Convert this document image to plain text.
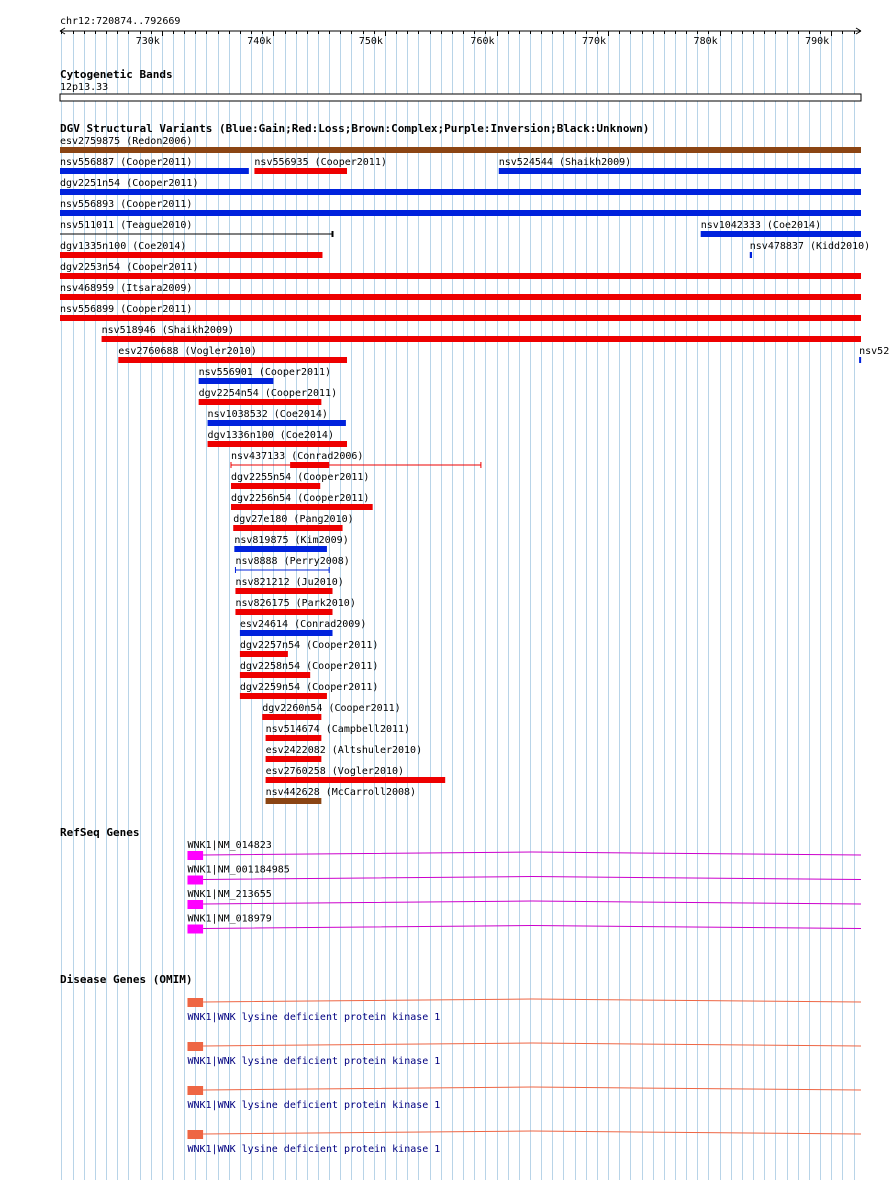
chr12:720874..792669
730k	740k	750k	760k	770k	780k	790k
Cytogenetic Bands
12p13.33
DGV Structural Variants (Blue:Gain;Red:Loss;Brown:Complex;Purple:Inversion;Black:Unknown)
esv2759875 (Redon2006)
nsv556887 (Cooper2011)	nsv556935 (Cooper2011)	nsv524544 (Shaikh2009)
dgv2251n54 (Cooper2011)
nsv556893 (Cooper2011)
nsv511011 (Teague2010)	nsv1042333 (Coe2014)
dgv1335n100 (Coe2014)	nsv478837 (Kidd2010)
dgv2253n54 (Cooper2011)
nsv468959 (Itsara2009)
nsv556899 (Cooper2011)
nsv518946 (Shaikh2009)
esv2760688 (Vogler2010)	nsv52
nsv556901 (Cooper2011)
dgv2254n54 (Cooper2011)
nsv1038532 (Coe2014)
dgv1336n100 (Coe2014)
nsv437133 (Conrad2006)
dgv2255n54 (Cooper2011)
dgv2256n54 (Cooper2011)
dgv27e180 (Pang2010)
nsv819875 (Kim2009)
nsv8888 (Perry2008)
nsv821212 (Ju2010)
nsv826175 (Park2010)
esv24614 (Conrad2009)
dgv2257n54 (Cooper2011)
dgv2258n54 (Cooper2011)
dgv2259n54 (Cooper2011)
dgv2260n54 (Cooper2011)
nsv514674 (Campbell2011)
esv2422082 (Altshuler2010)
esv2760258 (Vogler2010)
nsv442628 (McCarroll2008)
RefSeq Genes
WNK1|NM_014823
WNK1|NM_001184985
WNK1|NM_213655
WNK1|NM_018979
Disease Genes (OMIM)
WNK1|WNK lysine deficient protein kinase 1
WNK1|WNK lysine deficient protein kinase 1
WNK1|WNK lysine deficient protein kinase 1
WNK1|WNK lysine deficient protein kinase 1
